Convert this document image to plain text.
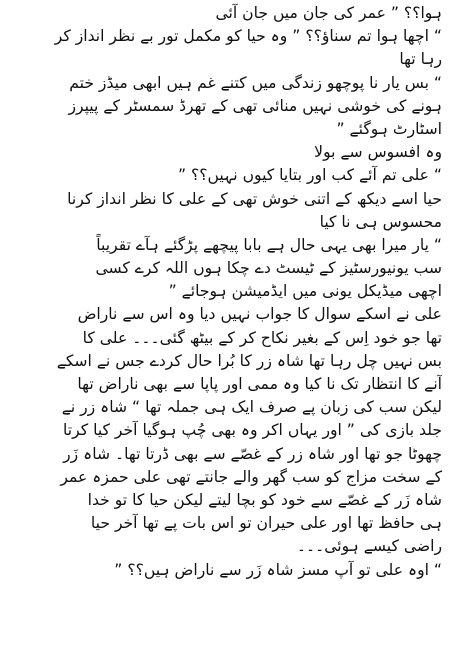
ہوا؟؟ ” عمر کی جان میں جان آئی
“ اچھا ہوا تم سناؤ؟؟ ” وہ حیا کو مکمل تور بے نظر انداز کر
رہا تھا
“ بس یار نا پوچھو زندگی میں کتنے غم ہیں ابھی میڈز ختم
ہونے کی خوشی نہیں منائی تھی کے تھرڈ سمسٹر کے پیپرز
اسٹارٹ ہوگئے ”
وہ افسوس سے بولا
“ علی تم آئے کب اور بتایا کیوں نہیں؟؟ ”
حیا اسے دیکھ کے اتنی خوش تھی کے علی کا نظر انداز کرنا
محسوس ہی نا کیا
“ یار میرا بھی یہی حال ہے بابا پیچھے پڑگئے ہآے تقریباً
سب یونیورسٹیز کے ٹیسٹ دے چکا ہوں اللہ کرے کسی
اچھی میڈیکل یونی میں ایڈمیشن ہوجائے ”
علی نے اسکے سوال کا جواب نہیں دیا وہ اس سے ناراض
تھا جو خود اِس کے بغیر نکاح کر کے بیٹھ گئی۔۔۔ علی کا
بس نہیں چل رہا تھا شاہ زر کا بُرا حال کردے جس نے اسکے
آنے کا انتظار تک نا کیا وہ ممی اور پاپا سے بھی ناراض تھا
لیکن سب کی زبان پے صرف ایک ہی جملہ تھا “ شاہ زر نے
جلد بازی کی ” اور یہاں اکر وہ بھی چُپ ہوگیا آخر کیا کرتا
چھوٹا جو تھا اور شاہ زر کے غصّے سے بھی ڈرتا تھا۔ شاہ زَر
کے سخت مزاج کو سب گھر والے جانتے تھی علی حمزہ عمر
شاہ زَر کے غصّے سے خود کو بچا لیتے لیکن حیا کا تو خدا
ہی حافظ تھا اور علی حیران تو اس بات پے تھا آخر حیا
راضی کیسے ہوئی۔۔۔
“ اوہ علی تو آپ مسز شاہ زَر سے ناراض ہیں؟؟ ”
